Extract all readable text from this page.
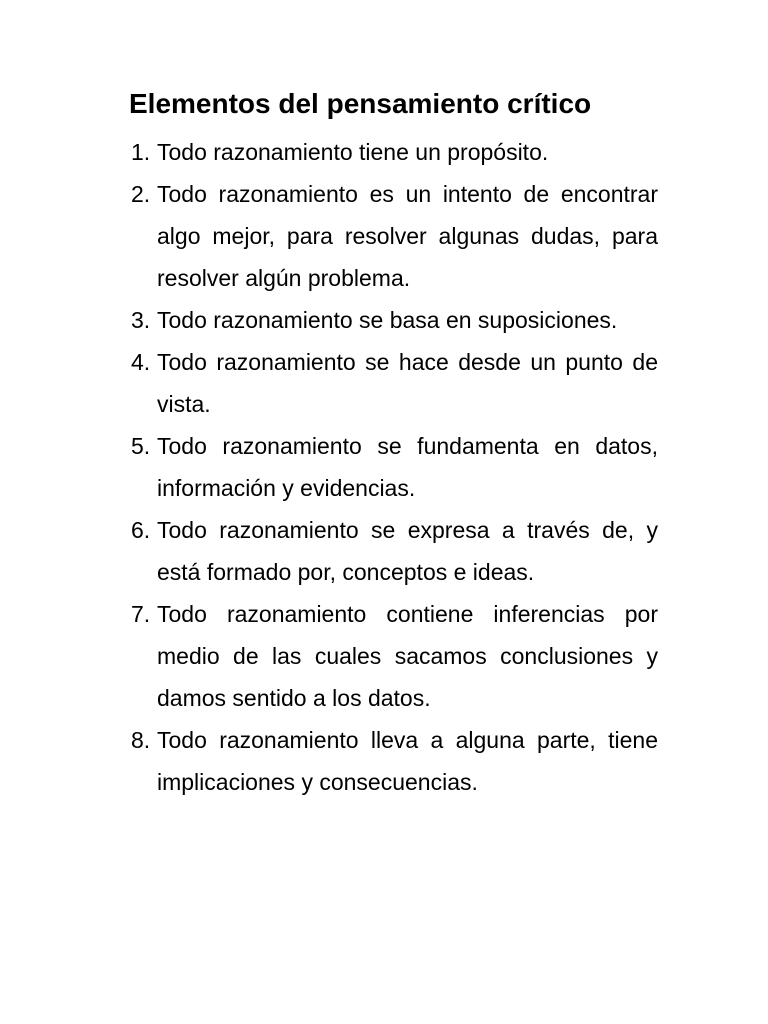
Elementos del pensamiento crítico
1. Todo razonamiento tiene un propósito.
2. Todo razonamiento es un intento de encontrar algo mejor, para resolver algunas dudas, para resolver algún problema.
3. Todo razonamiento se basa en suposiciones.
4. Todo razonamiento se hace desde un punto de vista.
5. Todo razonamiento se fundamenta en datos, información y evidencias.
6. Todo razonamiento se expresa a través de, y está formado por, conceptos e ideas.
7. Todo razonamiento contiene inferencias por medio de las cuales sacamos conclusiones y damos sentido a los datos.
8. Todo razonamiento lleva a alguna parte, tiene implicaciones y consecuencias.
